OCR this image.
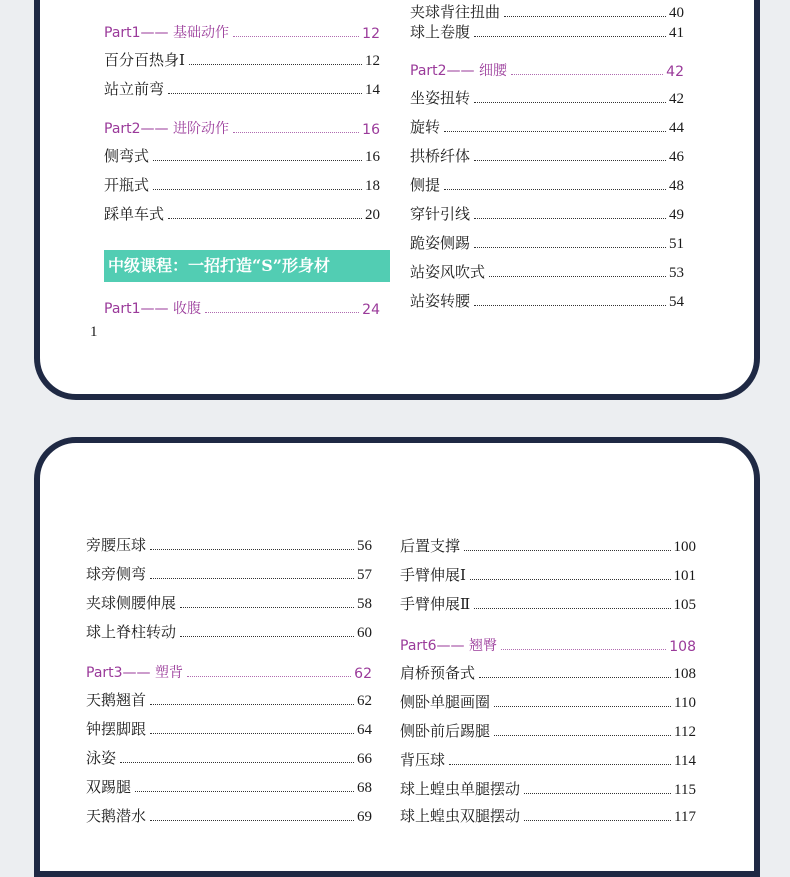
Part1—— 基础动作	12
百分百热身Ⅰ	12
站立前弯	14
Part2—— 进阶动作	16
侧弯式	16
开瓶式	18
踩单车式	20
中级课程：一招打造“S”形身材
Part1—— 收腹	24
1
夹球背往扭曲	40
球上卷腹	41
Part2—— 细腰	42
坐姿扭转	42
旋转	44
拱桥纤体	46
侧提	48
穿针引线	49
跪姿侧踢	51
站姿风吹式	53
站姿转腰	54
旁腰压球	56
球旁侧弯	57
夹球侧腰伸展	58
球上脊柱转动	60
Part3—— 塑背	62
天鹅翘首	62
钟摆脚跟	64
泳姿	66
双踢腿	68
天鹅潜水	69
后置支撑	100
手臂伸展Ⅰ	101
手臂伸展Ⅱ	105
Part6—— 翘臀	108
肩桥预备式	108
侧卧单腿画圈	110
侧卧前后踢腿	112
背压球	114
球上蝗虫单腿摆动	115
球上蝗虫双腿摆动	117
